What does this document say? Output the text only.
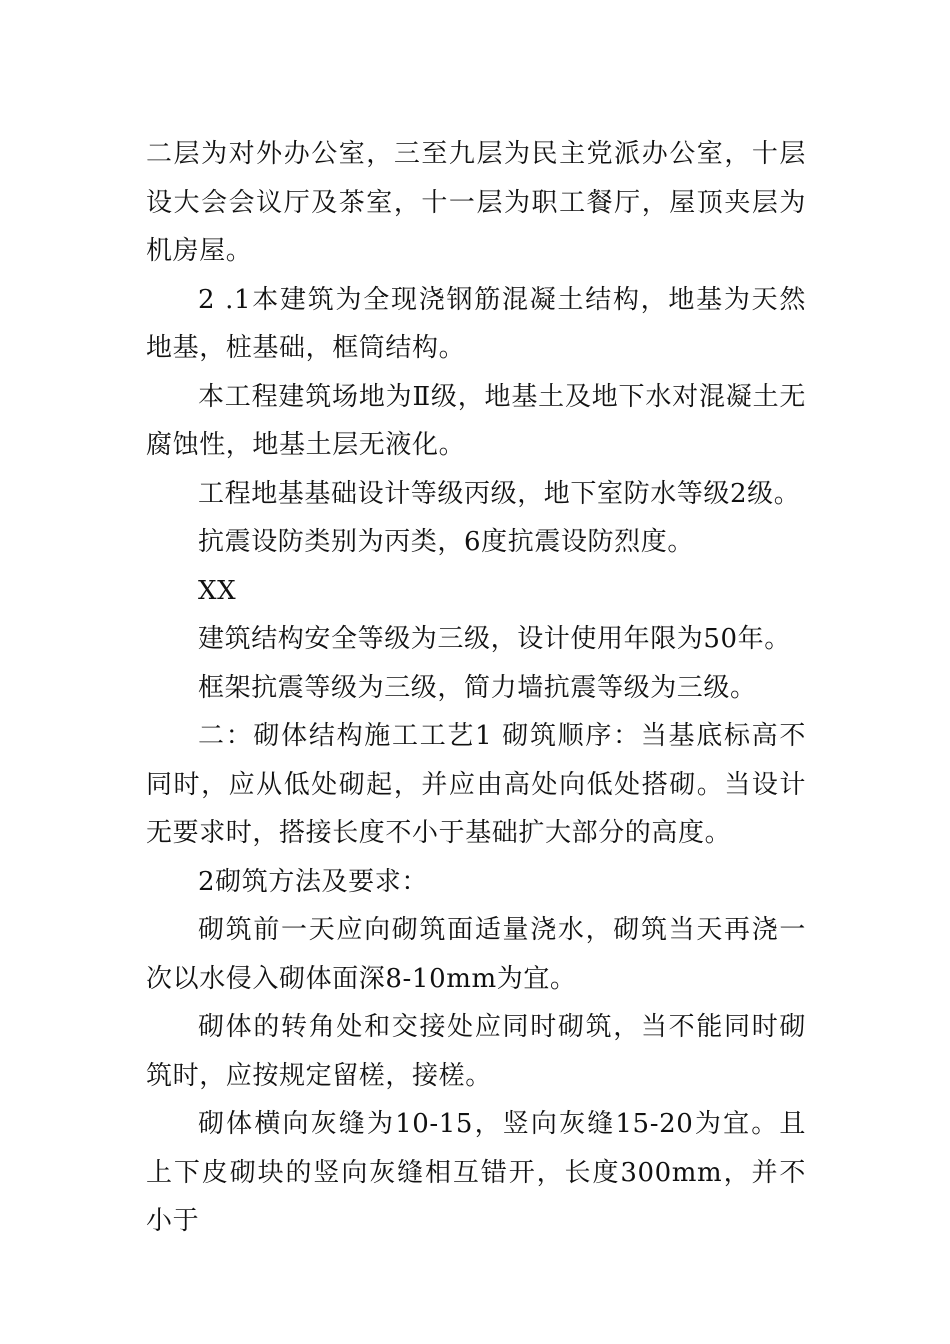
二层为对外办公室，三至九层为民主党派办公室，十层设大会会议厅及茶室，十一层为职工餐厅，屋顶夹层为机房屋。

2 .1本建筑为全现浇钢筋混凝土结构，地基为天然地基，桩基础，框筒结构。

本工程建筑场地为Ⅱ级，地基土及地下水对混凝土无腐蚀性，地基土层无液化。

工程地基基础设计等级丙级，地下室防水等级2级。

抗震设防类别为丙类，6度抗震设防烈度。

XX

建筑结构安全等级为三级，设计使用年限为50年。

框架抗震等级为三级，简力墙抗震等级为三级。

二：砌体结构施工工艺1 砌筑顺序：当基底标高不同时，应从低处砌起，并应由高处向低处搭砌。当设计无要求时，搭接长度不小于基础扩大部分的高度。

2砌筑方法及要求：

砌筑前一天应向砌筑面适量浇水，砌筑当天再浇一次以水侵入砌体面深8-10mm为宜。

砌体的转角处和交接处应同时砌筑，当不能同时砌筑时，应按规定留槎，接槎。

砌体横向灰缝为10-15，竖向灰缝15-20为宜。且上下皮砌块的竖向灰缝相互错开，长度300mm，并不小于
